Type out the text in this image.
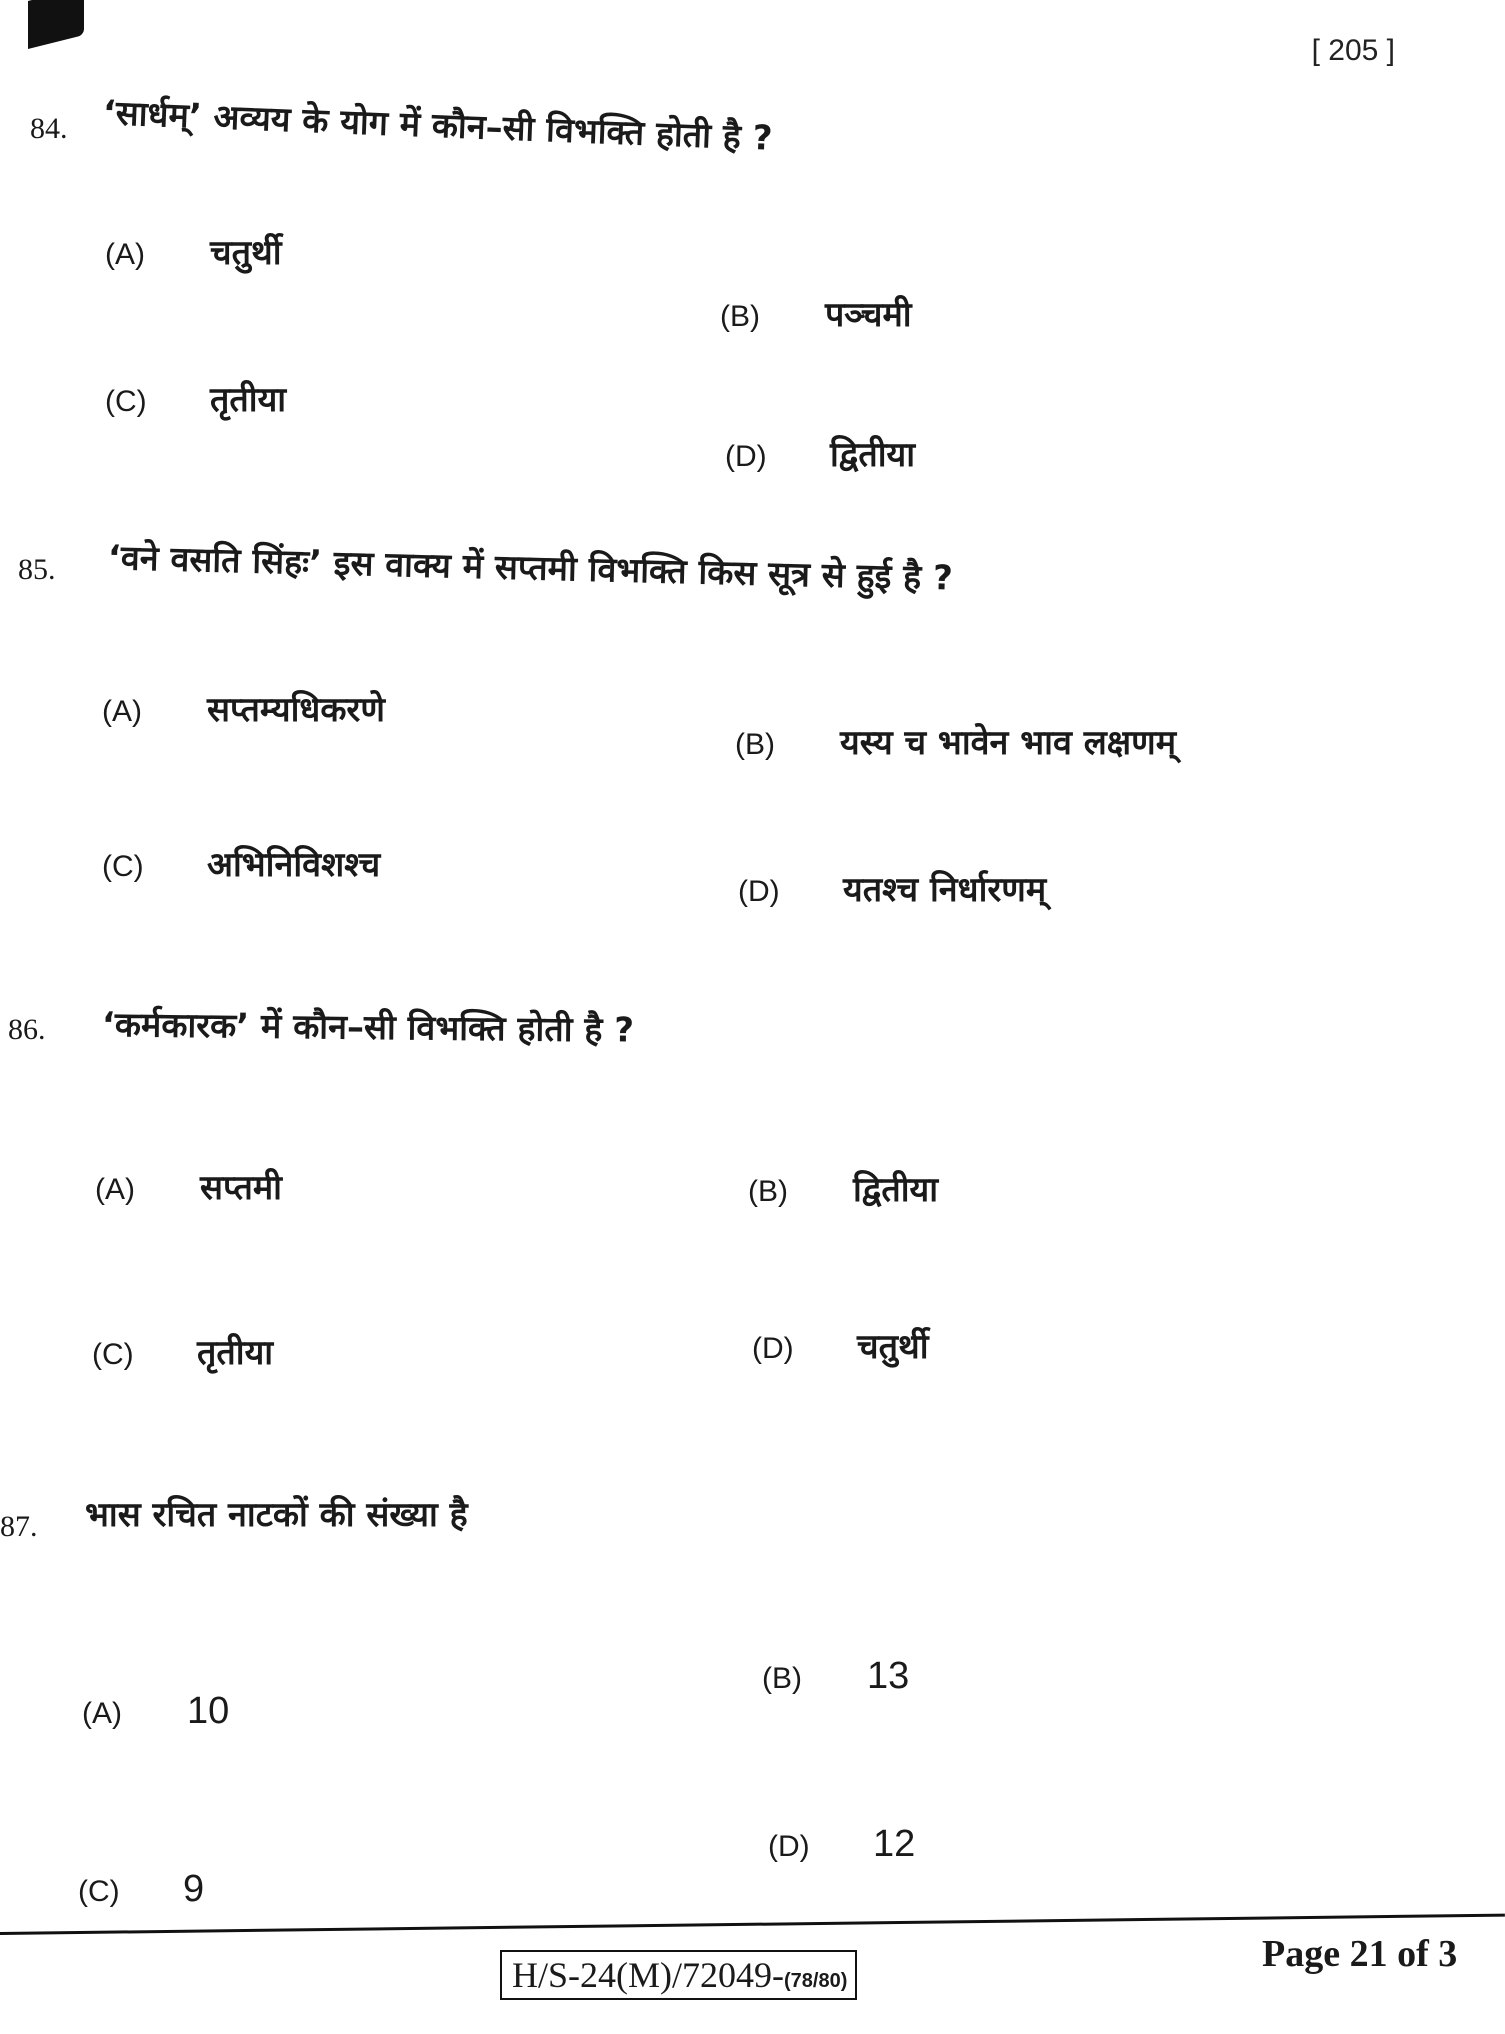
[ 205 ]
84. ‘सार्धम्’ अव्यय के योग में कौन–सी विभक्ति होती है ?
(A) चतुर्थी
(B) पञ्चमी
(C) तृतीया
(D) द्वितीया
85. ‘वने वसति सिंहः’ इस वाक्य में सप्तमी विभक्ति किस सूत्र से हुई है ?
(A) सप्तम्यधिकरणे
(B) यस्य च भावेन भाव लक्षणम्
(C) अभिनिविशश्च
(D) यतश्च निर्धारणम्
86. ‘कर्मकारक’ में कौन–सी विभक्ति होती है ?
(A) सप्तमी	(B) द्वितीया
(C) तृतीया	(D) चतुर्थी
87. भास रचित नाटकों की संख्या है
(A) 10
(B) 13
(C) 9
(D) 12
H/S-24(M)/72049-(78/80)
Page 21 of 3
